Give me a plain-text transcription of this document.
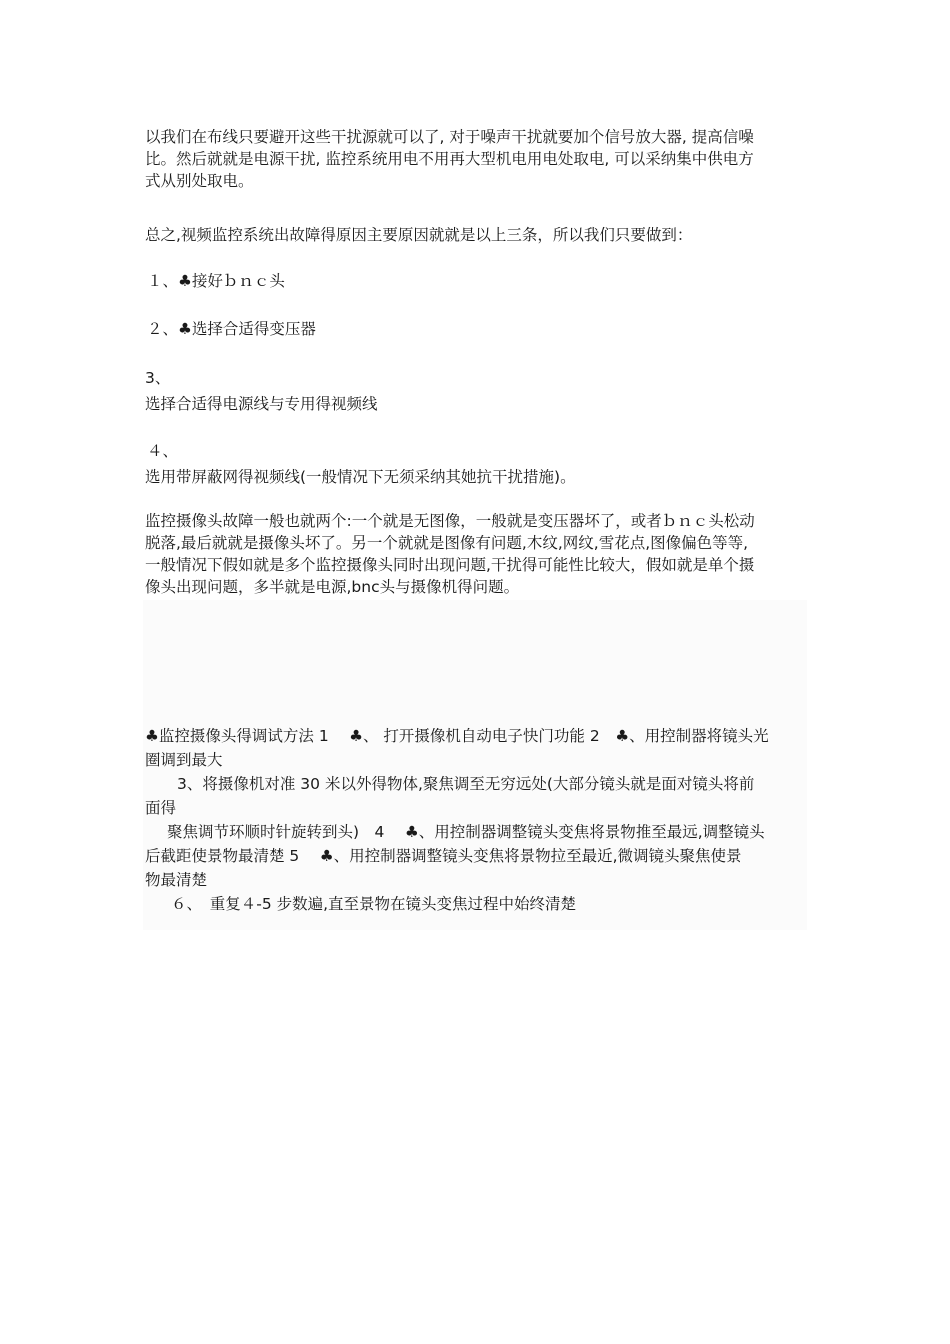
以我们在布线只要避开这些干扰源就可以了, 对于噪声干扰就要加个信号放大器, 提高信噪
比。然后就就是电源干扰, 监控系统用电不用再大型机电用电处取电, 可以采纳集中供电方
式从别处取电。
总之,视频监控系统出故障得原因主要原因就就是以上三条，所以我们只要做到：
１、♣接好ｂｎｃ头
２、♣选择合适得变压器
3、
选择合适得电源线与专用得视频线
４、
选用带屏蔽网得视频线(一般情况下无须采纳其她抗干扰措施)。
监控摄像头故障一般也就两个:一个就是无图像，一般就是变压器坏了，或者ｂｎｃ头松动
脱落,最后就就是摄像头坏了。另一个就就是图像有问题,木纹,网纹,雪花点,图像偏色等等,
一般情况下假如就是多个监控摄像头同时出现问题,干扰得可能性比较大，假如就是单个摄
像头出现问题，多半就是电源,bnc头与摄像机得问题。
♣监控摄像头得调试方法 1　 ♣、 打开摄像机自动电子快门功能 2　♣、用控制器将镜头光
圈调到最大
3、将摄像机对准 30 米以外得物体,聚焦调至无穷远处(大部分镜头就是面对镜头将前
面得
聚焦调节环顺时针旋转到头)　4　 ♣、用控制器调整镜头变焦将景物推至最远,调整镜头
后截距使景物最清楚 5　 ♣、用控制器调整镜头变焦将景物拉至最近,微调镜头聚焦使景
物最清楚
６、　重复４-5 步数遍,直至景物在镜头变焦过程中始终清楚
